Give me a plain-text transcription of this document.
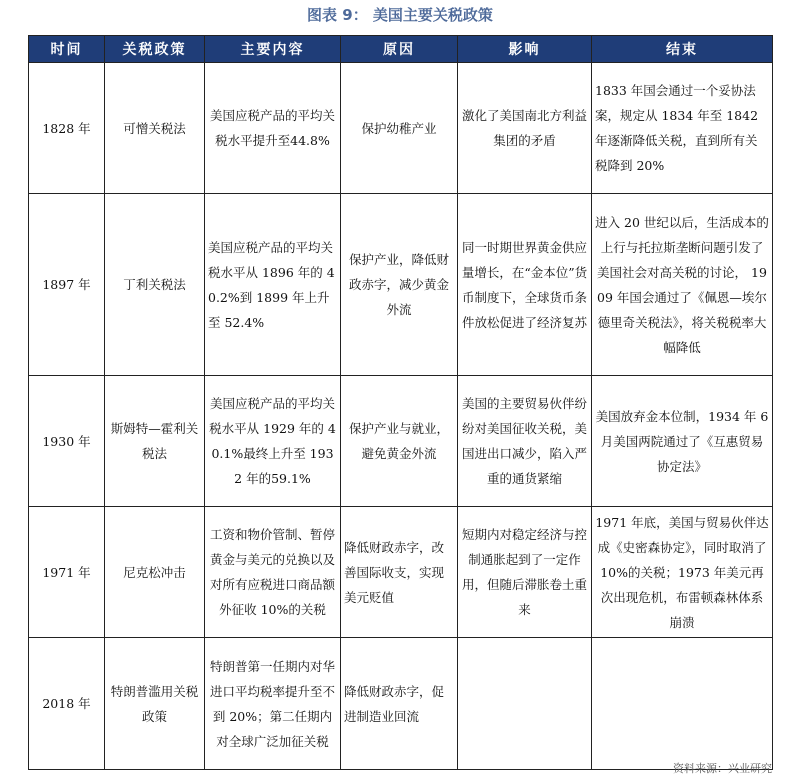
图表 9： 美国主要关税政策
时间	关税政策	主要内容	原因	影响	结束
1828 年	可憎关税法	美国应税产品的平均关税水平提升至44.8%	保护幼稚产业	激化了美国南北方利益集团的矛盾	1833 年国会通过一个妥协法案，规定从 1834 年至 1842 年逐渐降低关税，直到所有关税降到 20%
1897 年	丁利关税法	美国应税产品的平均关税水平从 1896 年的 40.2%到 1899 年上升至 52.4%	保护产业，降低财政赤字，减少黄金外流	同一时期世界黄金供应量增长，在“金本位”货币制度下，全球货币条件放松促进了经济复苏	进入 20 世纪以后，生活成本的上行与托拉斯垄断问题引发了美国社会对高关税的讨论， 1909 年国会通过了《佩恩—埃尔德里奇关税法》，将关税税率大幅降低
1930 年	斯姆特—霍利关税法	美国应税产品的平均关税水平从 1929 年的 40.1%最终上升至 1932 年的59.1%	保护产业与就业，避免黄金外流	美国的主要贸易伙伴纷纷对美国征收关税，美国进出口减少，陷入严重的通货紧缩	美国放弃金本位制，1934 年 6 月美国两院通过了《互惠贸易协定法》
1971 年	尼克松冲击	工资和物价管制、暂停黄金与美元的兑换以及对所有应税进口商品额外征收 10%的关税	降低财政赤字，改善国际收支，实现美元贬值	短期内对稳定经济与控制通胀起到了一定作用，但随后滞胀卷土重来	1971 年底，美国与贸易伙伴达成《史密森协定》，同时取消了 10%的关税；1973 年美元再次出现危机，布雷顿森林体系崩溃
2018 年	特朗普滥用关税政策	特朗普第一任期内对华进口平均税率提升至不到 20%；第二任期内对全球广泛加征关税	降低财政赤字，促进制造业回流		
资料来源：兴业研究
